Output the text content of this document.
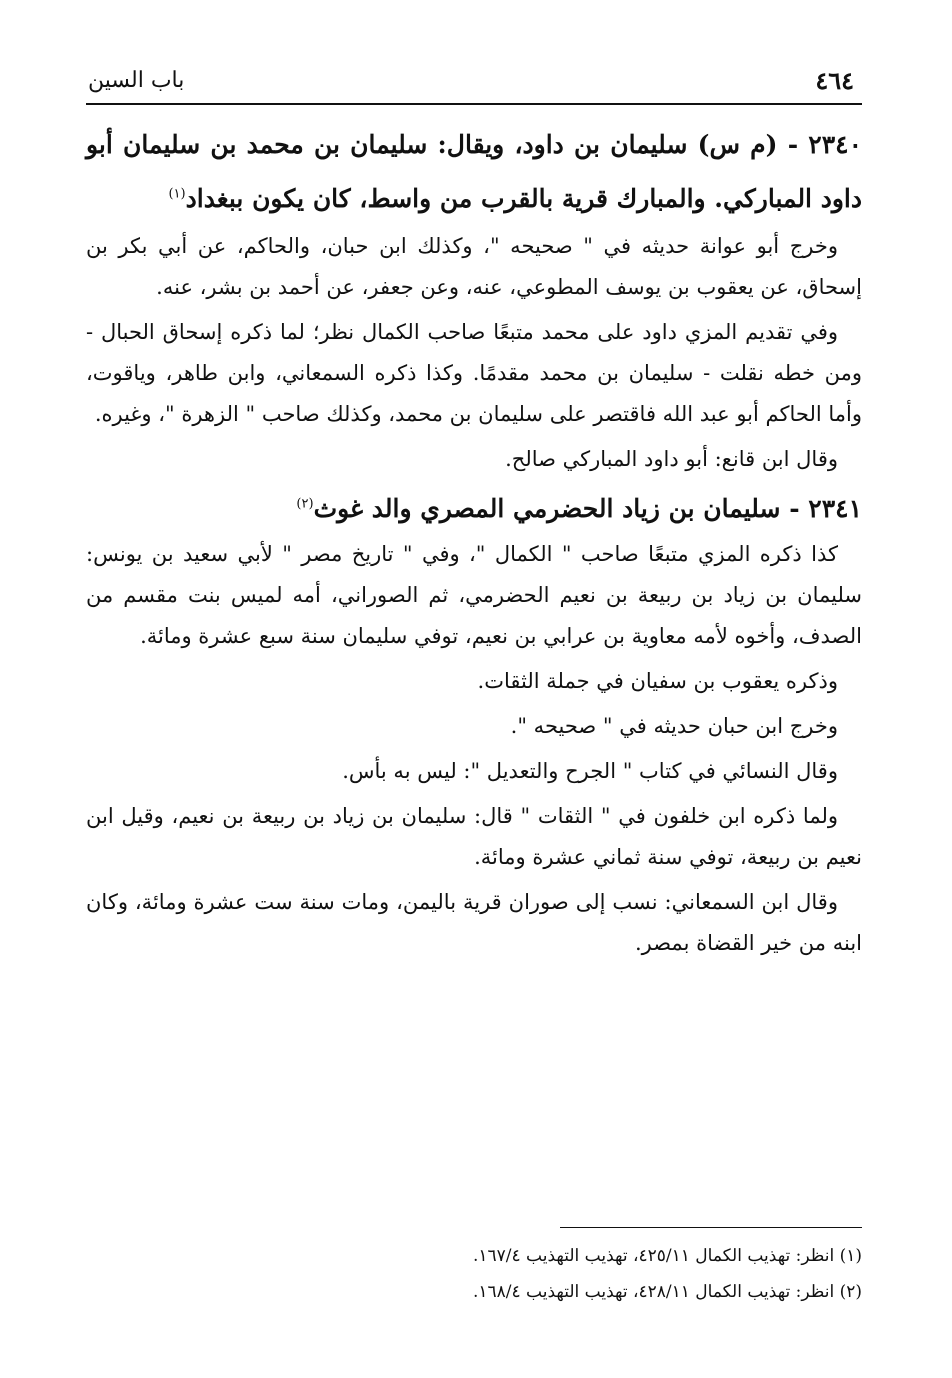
٤٦٤
باب السين
٢٣٤٠ - (م س) سليمان بن داود، ويقال: سليمان بن محمد بن سليمان أبو داود المباركي. والمبارك قرية بالقرب من واسط، كان يكون ببغداد$^{(١)}$

وخرج أبو عوانة حديثه في " صحيحه "، وكذلك ابن حبان، والحاكم، عن أبي بكر بن إسحاق، عن يعقوب بن يوسف المطوعي، عنه، وعن جعفر، عن أحمد بن بشر، عنه.

وفي تقديم المزي داود على محمد متبعًا صاحب الكمال نظر؛ لما ذكره إسحاق الحبال - ومن خطه نقلت - سليمان بن محمد مقدمًا. وكذا ذكره السمعاني، وابن طاهر، وياقوت، وأما الحاكم أبو عبد الله فاقتصر على سليمان بن محمد، وكذلك صاحب " الزهرة "، وغيره.

وقال ابن قانع: أبو داود المباركي صالح.

٢٣٤١ - سليمان بن زياد الحضرمي المصري والد غوث$^{(٢)}$

كذا ذكره المزي متبعًا صاحب " الكمال "، وفي " تاريخ مصر " لأبي سعيد بن يونس: سليمان بن زياد بن ربيعة بن نعيم الحضرمي، ثم الصوراني، أمه لميس بنت مقسم من الصدف، وأخوه لأمه معاوية بن عرابي بن نعيم، توفي سليمان سنة سبع عشرة ومائة.

وذكره يعقوب بن سفيان في جملة الثقات.

وخرج ابن حبان حديثه في " صحيحه ".

وقال النسائي في كتاب " الجرح والتعديل ": ليس به بأس.

ولما ذكره ابن خلفون في " الثقات " قال: سليمان بن زياد بن ربيعة بن نعيم، وقيل ابن نعيم بن ربيعة، توفي سنة ثماني عشرة ومائة.

وقال ابن السمعاني: نسب إلى صوران قرية باليمن، ومات سنة ست عشرة ومائة، وكان ابنه من خير القضاة بمصر.

(١) انظر: تهذيب الكمال ٤٢٥/١١، تهذيب التهذيب ١٦٧/٤.

(٢) انظر: تهذيب الكمال ٤٢٨/١١، تهذيب التهذيب ١٦٨/٤.
